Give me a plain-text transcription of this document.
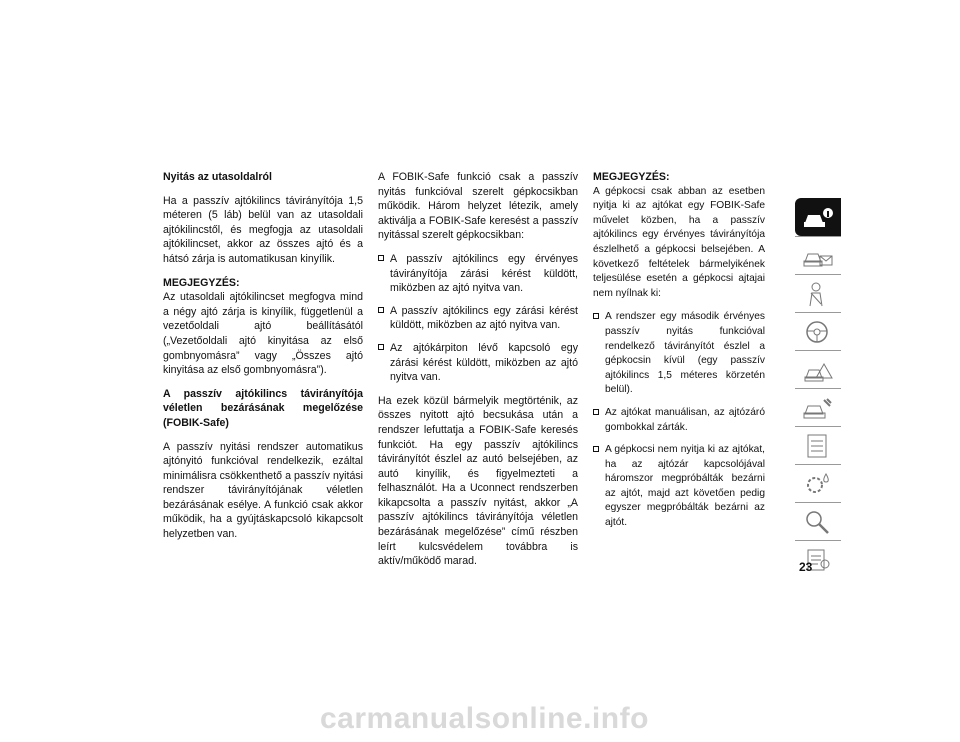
Nyitás az utasoldalról

Ha a passzív ajtókilincs távirányítója 1,5 méteren (5 láb) belül van az utasoldali ajtókilincstől, és megfogja az utasoldali ajtókilincset, akkor az összes ajtó és a hátsó zárja is automatikusan kinyílik.

MEGJEGYZÉS:

Az utasoldali ajtókilincset megfogva mind a négy ajtó zárja is kinyílik, függetlenül a vezetőoldali ajtó beállításától („Vezetőoldali ajtó kinyitása az első gombnyomásra” vagy „Összes ajtó kinyitása az első gombnyomásra”).

A passzív ajtókilincs távirányítója véletlen bezárásának megelőzése (FOBIK-Safe)

A passzív nyitási rendszer automatikus ajtónyitó funkcióval rendelkezik, ezáltal minimálisra csökkenthető a passzív nyitási rendszer távirányítójának véletlen bezárásának esélye. A funkció csak akkor működik, ha a gyújtáskapcsoló kikapcsolt helyzetben van.

A FOBIK-Safe funkció csak a passzív nyitás funkcióval szerelt gépkocsikban működik. Három helyzet létezik, amely aktiválja a FOBIK-Safe keresést a passzív nyitással szerelt gépkocsikban:

A passzív ajtókilincs egy érvényes távirányítója zárási kérést küldött, miközben az ajtó nyitva van.
A passzív ajtókilincs egy zárási kérést küldött, miközben az ajtó nyitva van.
Az ajtókárpiton lévő kapcsoló egy zárási kérést küldött, miközben az ajtó nyitva van.

Ha ezek közül bármelyik megtörténik, az összes nyitott ajtó becsukása után a rendszer lefuttatja a FOBIK-Safe keresés funkciót. Ha egy passzív ajtókilincs távirányítót észlel az autó belsejében, az autó kinyílik, és figyelmezteti a felhasználót. Ha a Uconnect rendszerben kikapcsolta a passzív nyitást, akkor „A passzív ajtókilincs távirányítója véletlen bezárásának megelőzése” című részben leírt kulcsvédelem továbbra is aktív/működő marad.

MEGJEGYZÉS:

A gépkocsi csak abban az esetben nyitja ki az ajtókat egy FOBIK-Safe művelet közben, ha a passzív ajtókilincs egy érvényes távirányítója észlelhető a gépkocsi belsejében. A következő feltételek bármelyikének teljesülése esetén a gépkocsi ajtajai nem nyílnak ki:

A rendszer egy második érvényes passzív nyitás funkcióval rendelkező távirányítót észlel a gépkocsin kívül (egy passzív ajtókilincs 1,5 méteres körzetén belül).
Az ajtókat manuálisan, az ajtózáró gombokkal zárták.
A gépkocsi nem nyitja ki az ajtókat, ha az ajtózár kapcsolójával háromszor megpróbálták bezárni az ajtót, majd azt követően pedig egyszer megpróbálták bezárni az ajtót.
23
carmanualsonline.info
